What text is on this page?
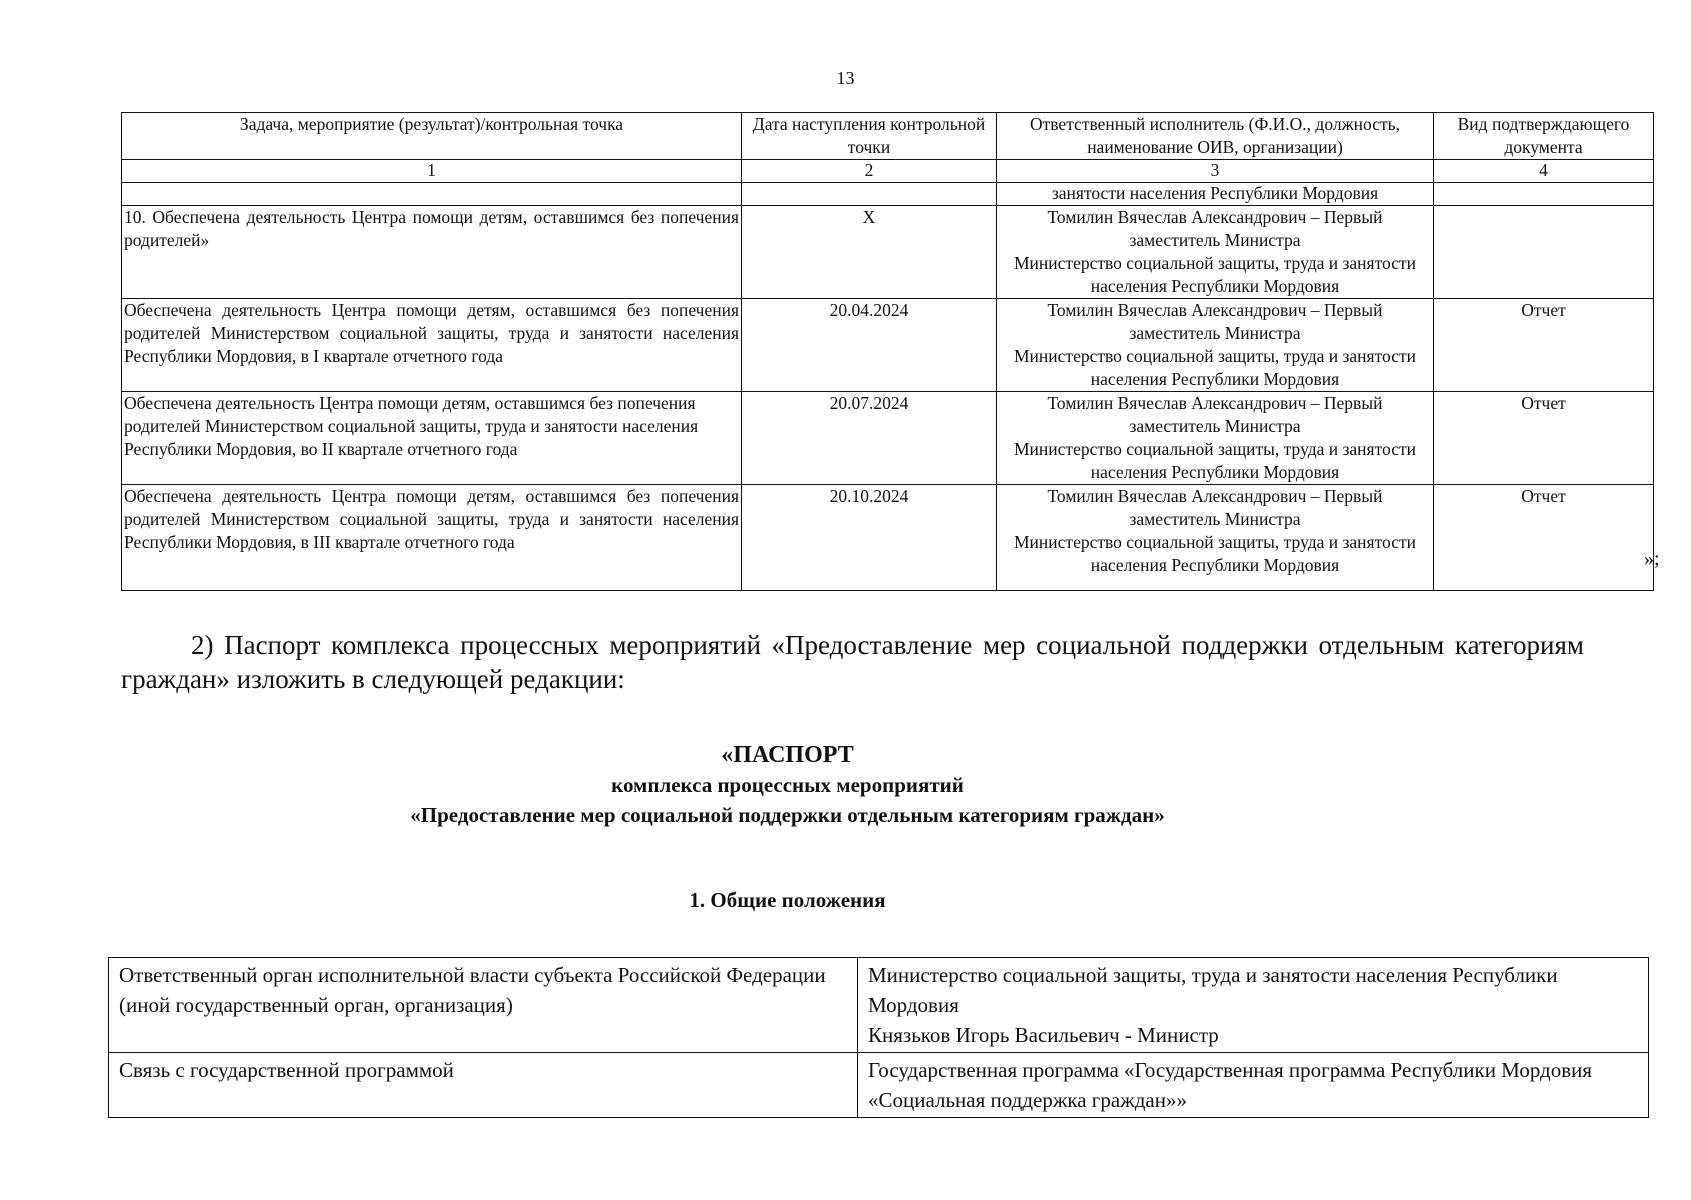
13
Задача, мероприятие (результат)/контрольная точка	Дата наступления контрольной точки	Ответственный исполнитель (Ф.И.О., должность, наименование ОИВ, организации)	Вид подтверждающего документа
1	2	3	4
		занятости населения Республики Мордовия	
10. Обеспечена деятельность Центра помощи детям, оставшимся без попечения родителей»	Х	Томилин Вячеслав Александрович – Первый
заместитель Министра
Министерство социальной защиты, труда и занятости населения Республики Мордовия	

Обеспечена деятельность Центра помощи детям, оставшимся без попечения родителей Министерством социальной защиты, труда и занятости населения Республики Мордовия, в I квартале отчетного года	20.04.2024	Томилин Вячеслав Александрович – Первый
заместитель Министра
Министерство социальной защиты, труда и занятости населения Республики Мордовия	Отчет
Обеспечена деятельность Центра помощи детям, оставшимся без попечения родителей Министерством социальной защиты, труда и занятости населения Республики Мордовия, во II квартале отчетного года	20.07.2024	Томилин Вячеслав Александрович – Первый
заместитель Министра
Министерство социальной защиты, труда и занятости населения Республики Мордовия	Отчет
Обеспечена деятельность Центра помощи детям, оставшимся без попечения родителей Министерством социальной защиты, труда и занятости населения Республики Мордовия, в III квартале отчетного года	20.10.2024	Томилин Вячеслав Александрович – Первый
заместитель Министра
Министерство социальной защиты, труда и занятости населения Республики Мордовия	Отчет
»;

2) Паспорт комплекса процессных мероприятий «Предоставление мер социальной поддержки отдельным категориям граждан» изложить в следующей редакции:

«ПАСПОРТ
комплекса процессных мероприятий
«Предоставление мер социальной поддержки отдельным категориям граждан»
1. Общие положения
Ответственный орган исполнительной власти субъекта Российской Федерации (иной государственный орган, организация)	Министерство социальной защиты, труда и занятости населения Республики Мордовия
Князьков Игорь Васильевич - Министр

Связь с государственной программой	Государственная программа «Государственная программа Республики Мордовия «Социальная поддержка граждан»»
